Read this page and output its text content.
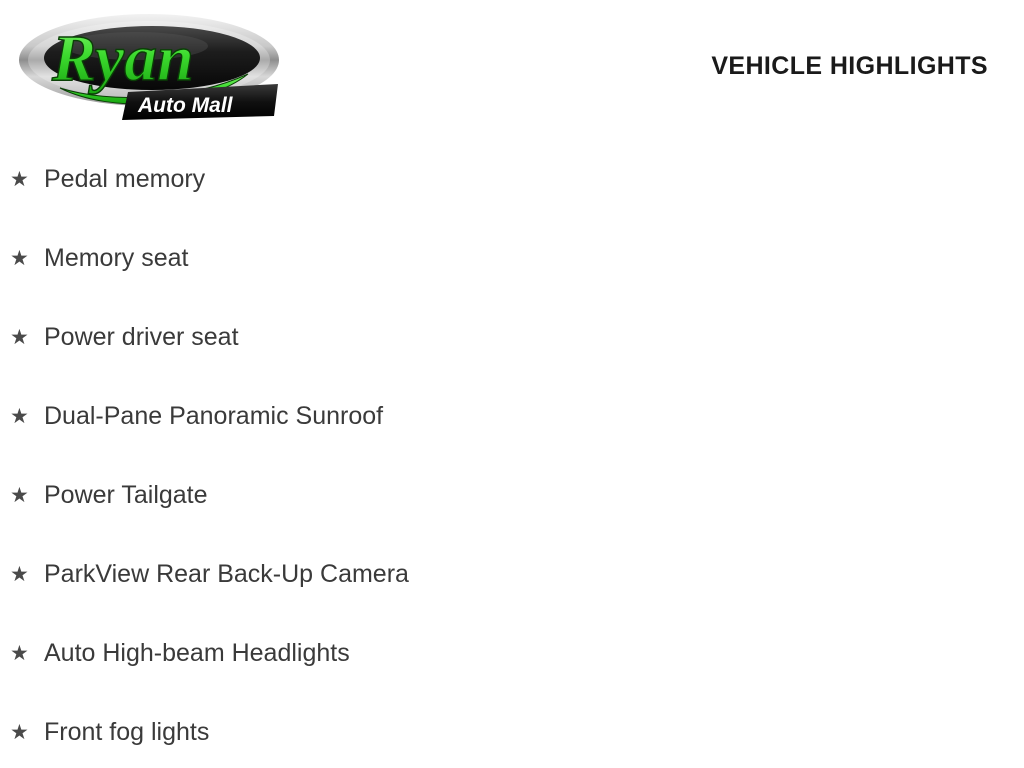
Ryan
Auto Mall
VEHICLE HIGHLIGHTS
★ Pedal memory
★ Memory seat
★ Power driver seat
★ Dual-Pane Panoramic Sunroof
★ Power Tailgate
★ ParkView Rear Back-Up Camera
★ Auto High-beam Headlights
★ Front fog lights
